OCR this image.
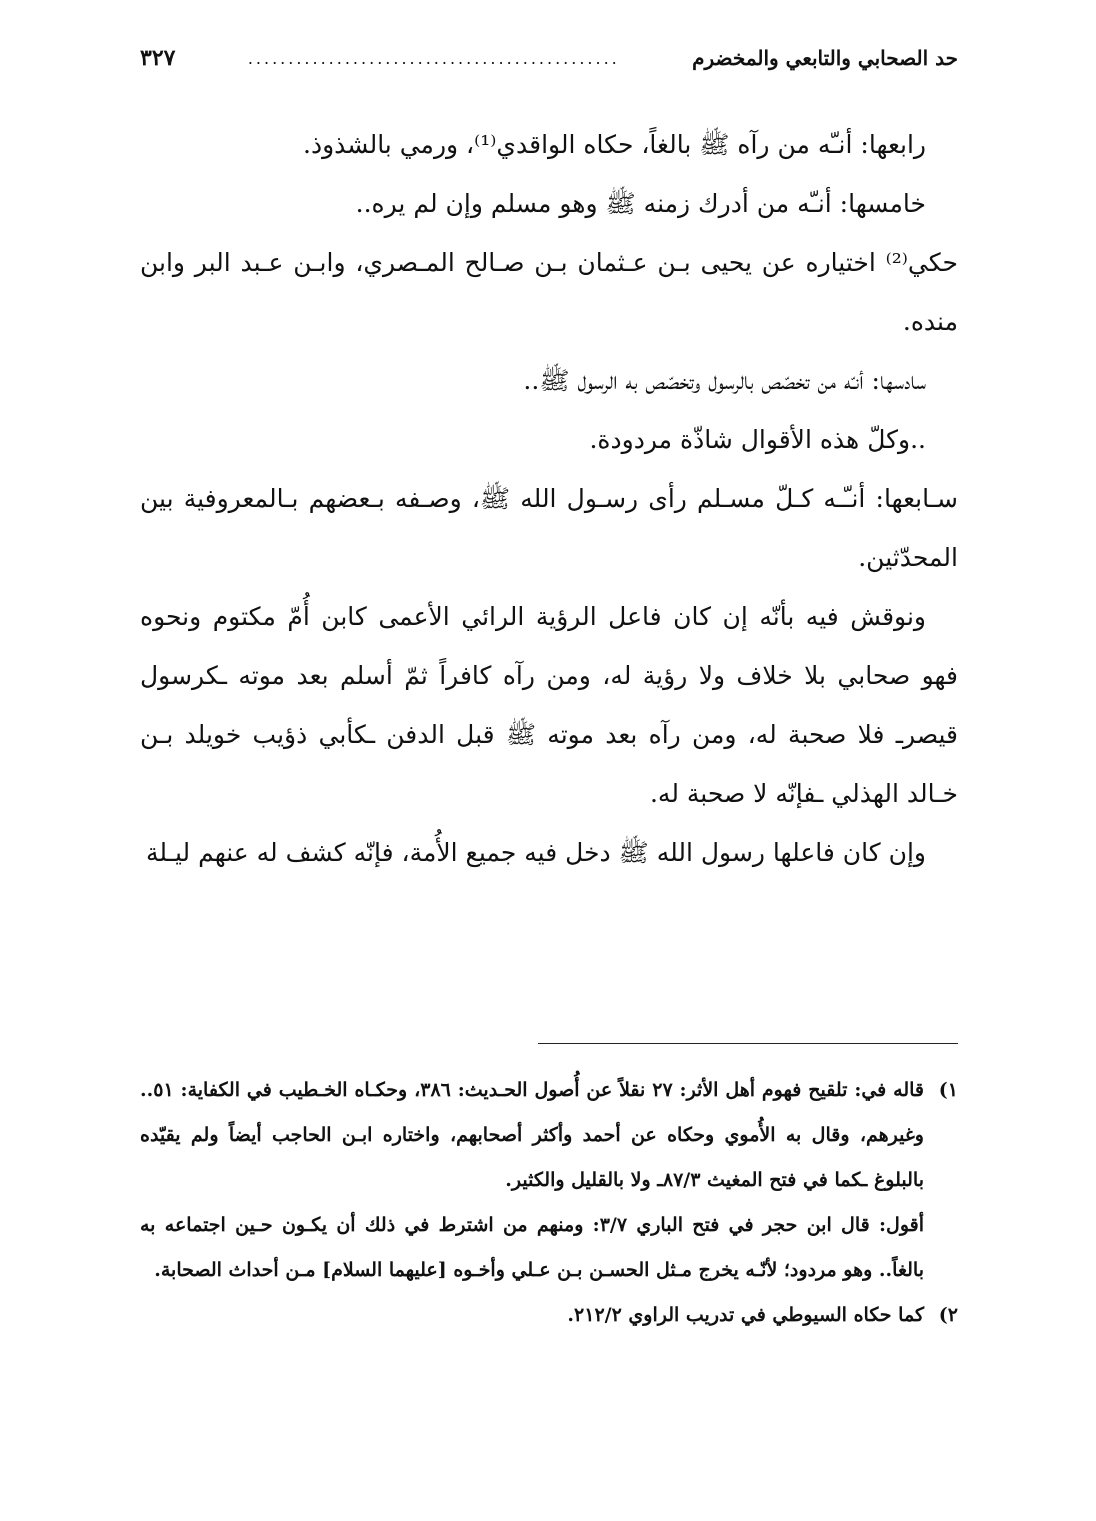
حد الصحابي والتابعي والمخضرم
..............................................
٣٢٧

رابعها: أنـّه من رآه ﷺ بالغاً، حكاه الواقدي⁽¹⁾، ورمي بالشذوذ.

خامسها: أنـّه من أدرك زمنه ﷺ وهو مسلم وإن لم يره..

حكي⁽²⁾ اختياره عن يحيى بـن عـثمان بـن صـالح المـصري، وابـن عـبد البر وابن منده.

سادسها: أنـّه من تخصّص بالرسول وتخصّص به الرسول ﷺ..

..وكلّ هذه الأقوال شاذّة مردودة.

سـابعها: أنـّـه كـلّ مسـلم رأى رسـول الله ﷺ، وصـفه بـعضهم بـالمعروفية بين المحدّثين.

ونوقش فيه بأنّه إن كان فاعل الرؤية الرائي الأعمى كابن أُمّ مكتوم ونحوه فهو صحابي بلا خلاف ولا رؤية له، ومن رآه كافراً ثمّ أسلم بعد موته ـكرسول قيصرـ فلا صحبة له، ومن رآه بعد موته ﷺ قبل الدفن ـكأبي ذؤيب خويلد بـن خـالد الهذلي ـفإنّه لا صحبة له.

وإن كان فاعلها رسول الله ﷺ دخل فيه جميع الأُمة، فإنّه كشف له عنهم ليـلة

١)
قاله في: تلقيح فهوم أهل الأثر: ٢٧ نقلاً عن أُصول الحـديث: ٣٨٦، وحكـاه الخـطيب في الكفاية: ٥١.. وغيرهم، وقال به الأُموي وحكاه عن أحمد وأكثر أصحابهم، واختاره ابـن الحاجب أيضاً ولم يقيّده بالبلوغ ـكما في فتح المغيث ٨٧/٣ـ ولا بالقليل والكثير.

أقول: قال ابن حجر في فتح الباري ٣/٧: ومنهم من اشترط في ذلك أن يكـون حـين اجتماعه به بالغاً.. وهو مردود؛ لأنّـه يخرج مـثل الحسـن بـن عـلي وأخـوه [عليهما السلام] مـن أحداث الصحابة.

٢)
كما حكاه السيوطي في تدريب الراوي ٢١٢/٢.
